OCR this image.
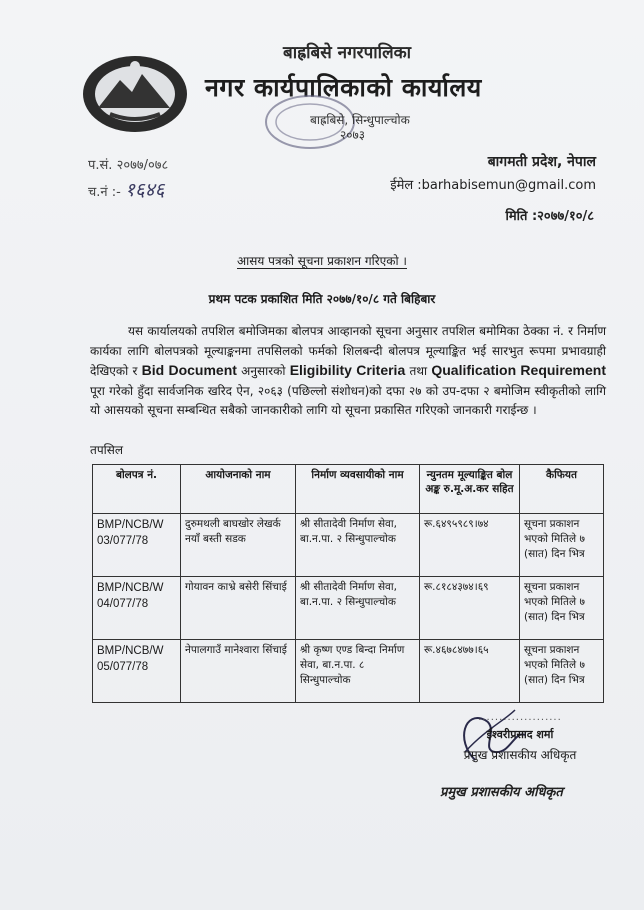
बाह्रबिसे नगरपालिका
नगर कार्यपालिकाको कार्यालय
बाह्रबिसे, सिन्धुपाल्चोक
२०७३
प.सं. २०७७/०७८
च.नं :- १६४६
बागमती प्रदेश, नेपाल
ईमेल :barhabisemun@gmail.com
मिति :२०७७/१०/८
आसय पत्रको सूचना प्रकाशन गरिएको ।
प्रथम पटक प्रकाशित मिति २०७७/१०/८ गते बिहिबार
यस कार्यालयको तपशिल बमोजिमका बोलपत्र आव्हानको सूचना अनुसार तपशिल बमोमिका ठेक्का नं. र निर्माण कार्यका लागि बोलपत्रको मूल्याङ्कनमा तपसिलको फर्मको शिलबन्दी बोलपत्र मूल्याङ्कित भई सारभुत रूपमा प्रभावग्राही देखिएको र Bid Document अनुसारको Eligibility Criteria तथा Qualification Requirement पूरा गरेको हुँदा सार्वजनिक खरिद ऐन, २०६३ (पछिल्लो संशोधन)को दफा २७ को उप-दफा २ बमोजिम स्वीकृतीको लागि यो आसयको सूचना सम्बन्धित सबैको जानकारीको लागि यो सूचना प्रकासित गरिएको जानकारी गराईन्छ ।
तपसिल
बोलपत्र नं.	आयोजनाको नाम	निर्माण व्यवसायीको नाम	न्युनतम मूल्याङ्कित बोल अङ्क रु.मू.अ.कर सहित	कैफियत
BMP/NCB/W 03/077/78	दुरुमथली बाघखोर लेखर्क नयाँ बस्ती सडक	श्री सीतादेवी निर्माण सेवा, बा.न.पा. २ सिन्धुपाल्चोक	रू.६४९५९८९।७४	सूचना प्रकाशन भएको मितिले ७ (सात) दिन भित्र
BMP/NCB/W 04/077/78	गोयावन काभ्रे बसेरी सिंचाई	श्री सीतादेवी निर्माण सेवा, बा.न.पा. २ सिन्धुपाल्चोक	रू.८१८४३७४।६९	सूचना प्रकाशन भएको मितिले ७ (सात) दिन भित्र
BMP/NCB/W 05/077/78	नेपालगाउँ मानेश्वारा सिंचाई	श्री कृष्ण एण्ड बिन्दा निर्माण सेवा, बा.न.पा. ८ सिन्धुपाल्चोक	रू.४६७८४७७।६५	सूचना प्रकाशन भएको मितिले ७ (सात) दिन भित्र
....................
ईश्वरीप्रसाद शर्मा
प्रमुख प्रशासकीय अधिकृत
प्रमुख प्रशासकीय अधिकृत
